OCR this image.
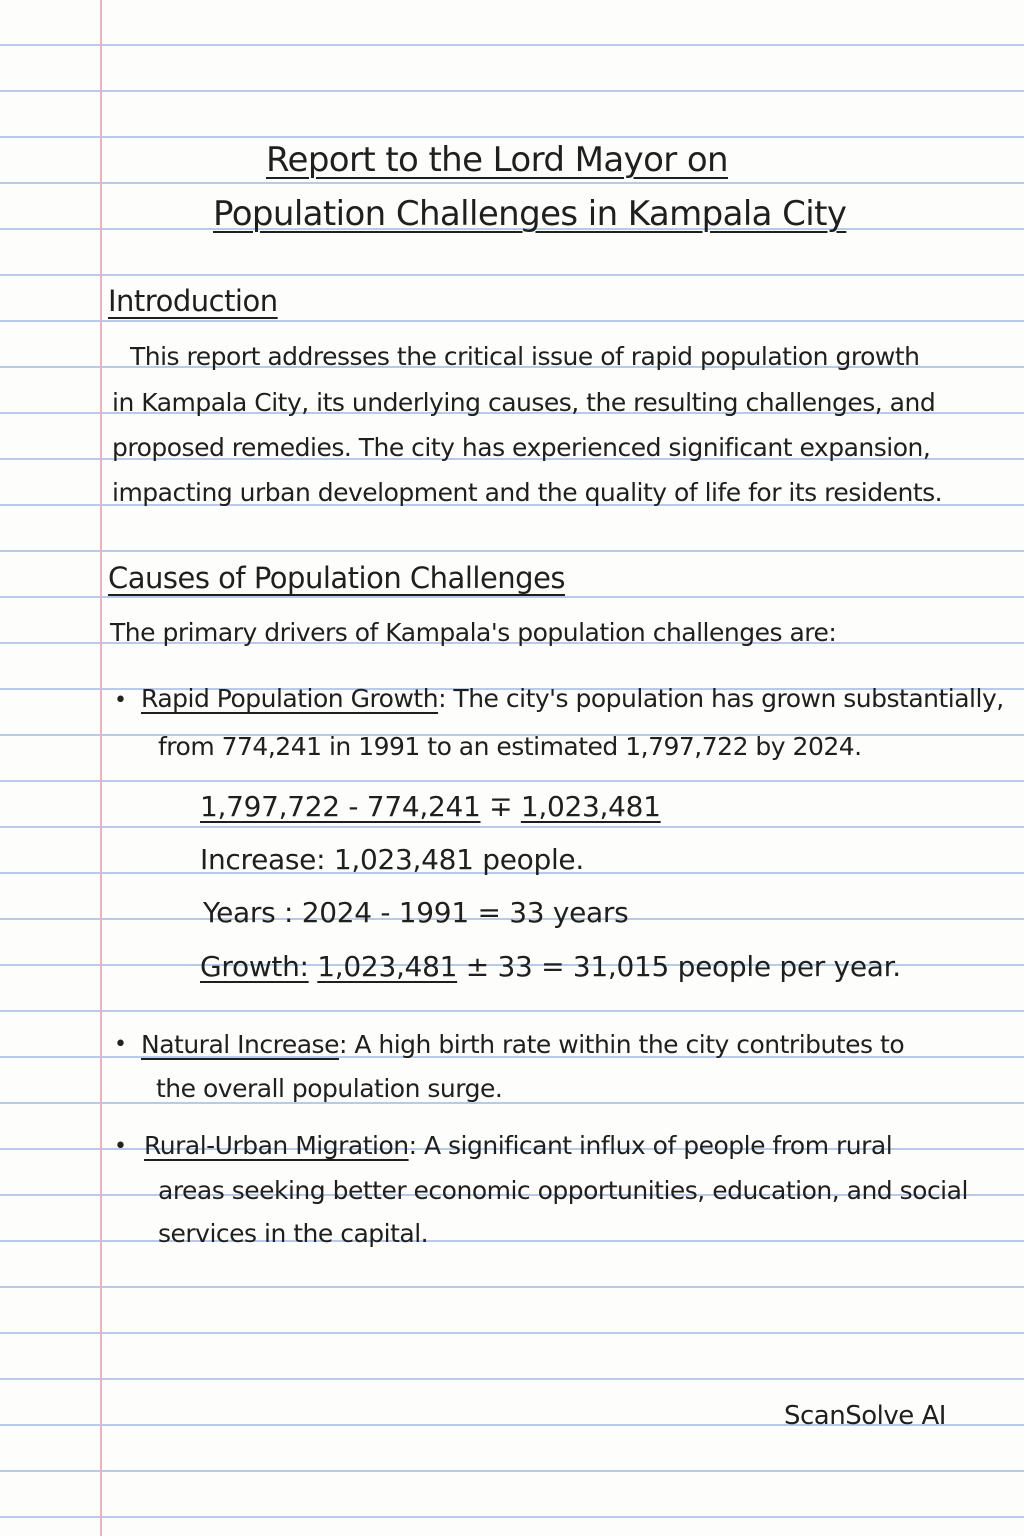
Report to the Lord Mayor on
Population Challenges in Kampala City
Introduction
This report addresses the critical issue of rapid population growth
in Kampala City, its underlying causes, the resulting challenges, and
proposed remedies. The city has experienced significant expansion,
impacting urban development and the quality of life for its residents.
Causes of Population Challenges
The primary drivers of Kampala's population challenges are:
• Rapid Population Growth: The city's population has grown substantially,
from 774,241 in 1991 to an estimated 1,797,722 by 2024.
1,797,722 - 774,241 ∓ 1,023,481
Increase: 1,023,481 people.
Years : 2024 - 1991 = 33 years
Growth: 1,023,481 ± 33 = 31,015 people per year.
• Natural Increase: A high birth rate within the city contributes to
the overall population surge.
• Rural-Urban Migration: A significant influx of people from rural
areas seeking better economic opportunities, education, and social
services in the capital.
ScanSolve AI
